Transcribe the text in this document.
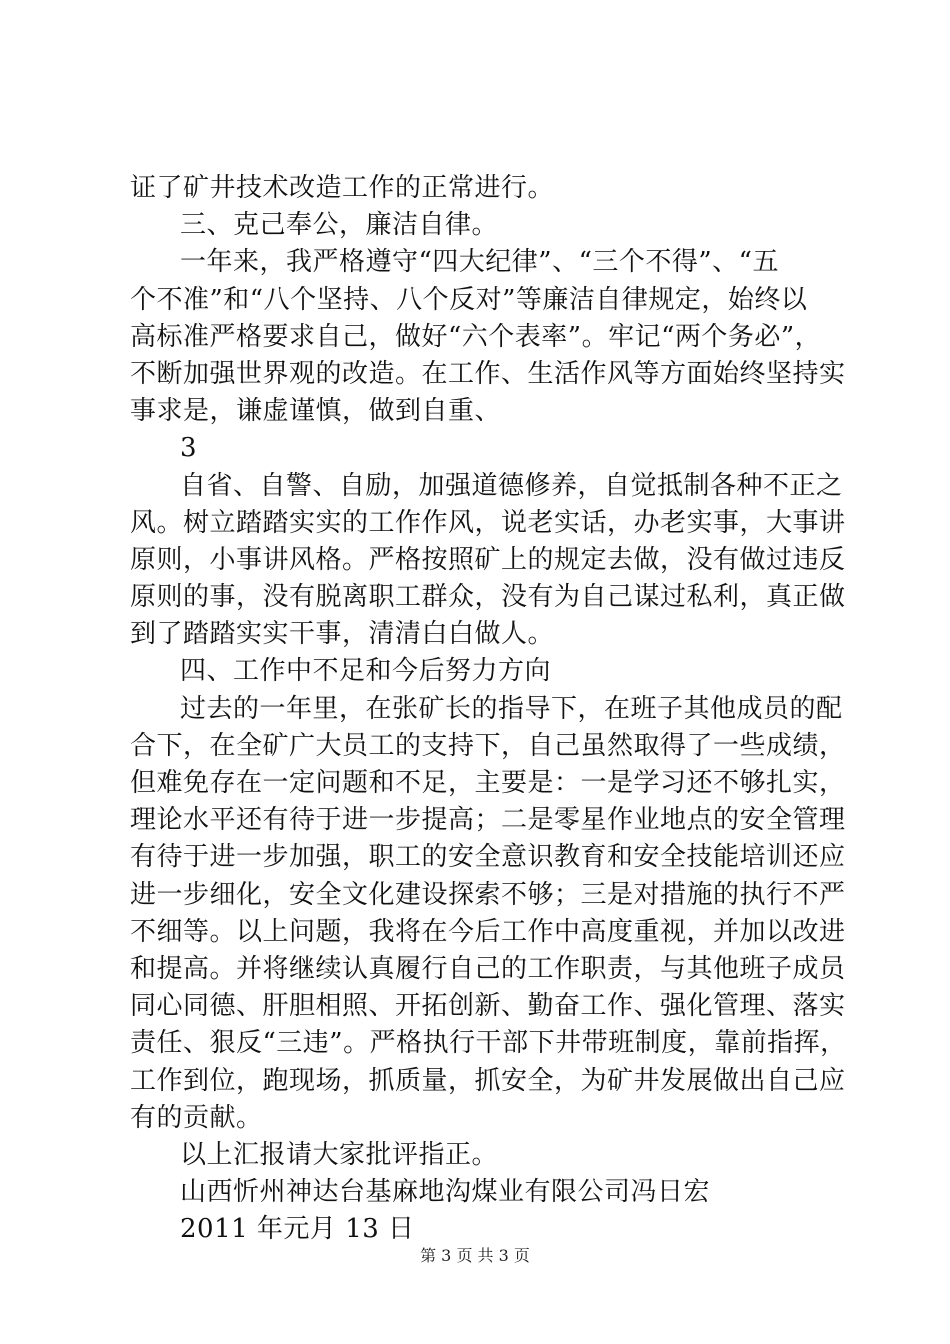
证了矿井技术改造工作的正常进行。
三、克己奉公，廉洁自律。
一年来，我严格遵守“四大纪律”、“三个不得”、“五
个不准”和“八个坚持、八个反对”等廉洁自律规定，始终以
高标准严格要求自己，做好“六个表率”。牢记“两个务必”，
不断加强世界观的改造。在工作、生活作风等方面始终坚持实
事求是，谦虚谨慎，做到自重、
3
自省、自警、自励，加强道德修养，自觉抵制各种不正之
风。树立踏踏实实的工作作风，说老实话，办老实事，大事讲
原则，小事讲风格。严格按照矿上的规定去做，没有做过违反
原则的事，没有脱离职工群众，没有为自己谋过私利，真正做
到了踏踏实实干事，清清白白做人。
四、工作中不足和今后努力方向
过去的一年里，在张矿长的指导下，在班子其他成员的配
合下，在全矿广大员工的支持下，自己虽然取得了一些成绩，
但难免存在一定问题和不足，主要是：一是学习还不够扎实，
理论水平还有待于进一步提高；二是零星作业地点的安全管理
有待于进一步加强，职工的安全意识教育和安全技能培训还应
进一步细化，安全文化建设探索不够；三是对措施的执行不严
不细等。以上问题，我将在今后工作中高度重视，并加以改进
和提高。并将继续认真履行自己的工作职责，与其他班子成员
同心同德、肝胆相照、开拓创新、勤奋工作、强化管理、落实
责任、狠反“三违”。严格执行干部下井带班制度，靠前指挥，
工作到位，跑现场，抓质量，抓安全，为矿井发展做出自己应
有的贡献。
以上汇报请大家批评指正。
山西忻州神达台基麻地沟煤业有限公司冯日宏
2011 年元月 13 日
第 3 页 共 3 页
